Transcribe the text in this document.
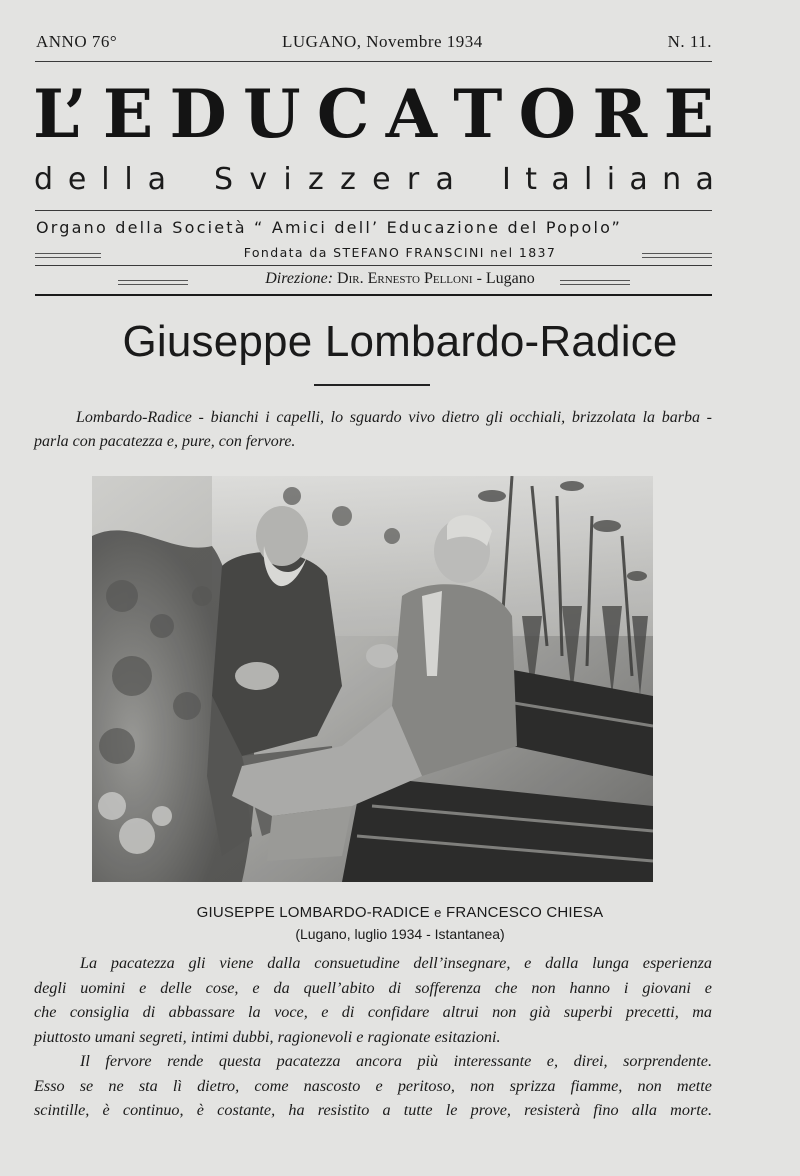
ANNO 76°	LUGANO, Novembre 1934	N. 11.
L’ E D U C A T O R E
d e l l a S v i z z e r a I t a l i a n a
Organo della Società “ Amici dell’ Educazione del Popolo”
Fondata da STEFANO FRANSCINI nel 1837
Direzione: Dir. Ernesto Pelloni - Lugano
Giuseppe Lombardo-Radice
Lombardo-Radice - bianchi i capelli, lo sguardo vivo dietro gli occhiali, brizzolata la barba - parla con pacatezza e, pure, con fervore.
GIUSEPPE LOMBARDO-RADICE e FRANCESCO CHIESA
(Lugano, luglio 1934 - Istantanea)

La pacatezza gli viene dalla consuetudine dell’insegnare, e dalla lunga esperienza
degli uomini e delle cose, e da quell’abito di sofferenza che non hanno i giovani e
che consiglia di abbassare la voce, e di confidare altrui non già superbi precetti, ma
piuttosto umani segreti, intimi dubbi, ragionevoli e ragionate esitazioni.

Il fervore rende questa pacatezza ancora più interessante e, direi, sorprendente.
Esso se ne sta lì dietro, come nascosto e peritoso, non sprizza fiamme, non mette
scintille, è continuo, è costante, ha resistito a tutte le prove, resisterà fino alla morte.
